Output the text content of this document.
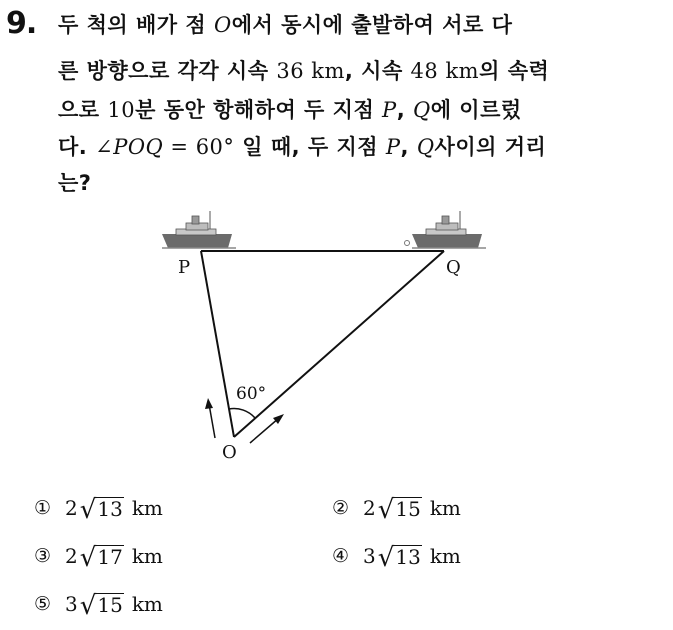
9. 두 척의 배가 점 O에서 동시에 출발하여 서로 다
른 방향으로 각각 시속 36 km, 시속 48 km의 속력
으로 10분 동안 항해하여 두 지점 P, Q에 이르렀
다. ∠POQ = 60° 일 때, 두 지점 P, Q사이의 거리
는?
P	Q
O
60°
① 2 √ 13 km	② 2 √ 15 km
③ 2 √ 17 km	④ 3 √ 13 km
⑤ 3 √ 15 km
